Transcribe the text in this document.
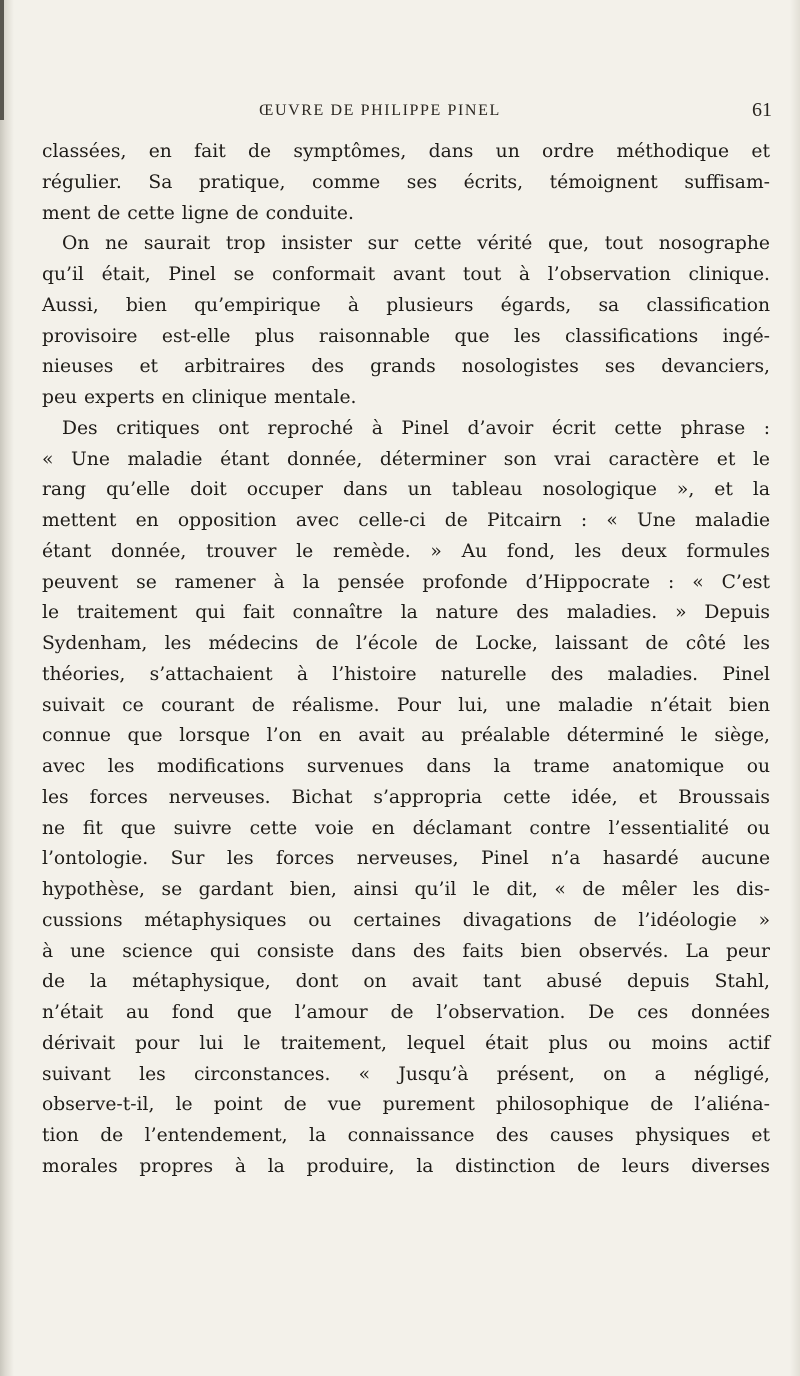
ŒUVRE DE PHILIPPE PINEL	61
classées, en fait de symptômes, dans un ordre méthodique et
régulier. Sa pratique, comme ses écrits, témoignent suffisam-
ment de cette ligne de conduite.
On ne saurait trop insister sur cette vérité que, tout nosographe
qu’il était, Pinel se conformait avant tout à l’observation clinique.
Aussi, bien qu’empirique à plusieurs égards, sa classification
provisoire est-elle plus raisonnable que les classifications ingé-
nieuses et arbitraires des grands nosologistes ses devanciers,
peu experts en clinique mentale.
Des critiques ont reproché à Pinel d’avoir écrit cette phrase :
« Une maladie étant donnée, déterminer son vrai caractère et le
rang qu’elle doit occuper dans un tableau nosologique », et la
mettent en opposition avec celle-ci de Pitcairn : « Une maladie
étant donnée, trouver le remède. » Au fond, les deux formules
peuvent se ramener à la pensée profonde d’Hippocrate : « C’est
le traitement qui fait connaître la nature des maladies. » Depuis
Sydenham, les médecins de l’école de Locke, laissant de côté les
théories, s’attachaient à l’histoire naturelle des maladies. Pinel
suivait ce courant de réalisme. Pour lui, une maladie n’était bien
connue que lorsque l’on en avait au préalable déterminé le siège,
avec les modifications survenues dans la trame anatomique ou
les forces nerveuses. Bichat s’appropria cette idée, et Broussais
ne fit que suivre cette voie en déclamant contre l’essentialité ou
l’ontologie. Sur les forces nerveuses, Pinel n’a hasardé aucune
hypothèse, se gardant bien, ainsi qu’il le dit, « de mêler les dis-
cussions métaphysiques ou certaines divagations de l’idéologie »
à une science qui consiste dans des faits bien observés. La peur
de la métaphysique, dont on avait tant abusé depuis Stahl,
n’était au fond que l’amour de l’observation. De ces données
dérivait pour lui le traitement, lequel était plus ou moins actif
suivant les circonstances. « Jusqu’à présent, on a négligé,
observe-t-il, le point de vue purement philosophique de l’aliéna-
tion de l’entendement, la connaissance des causes physiques et
morales propres à la produire, la distinction de leurs diverses
